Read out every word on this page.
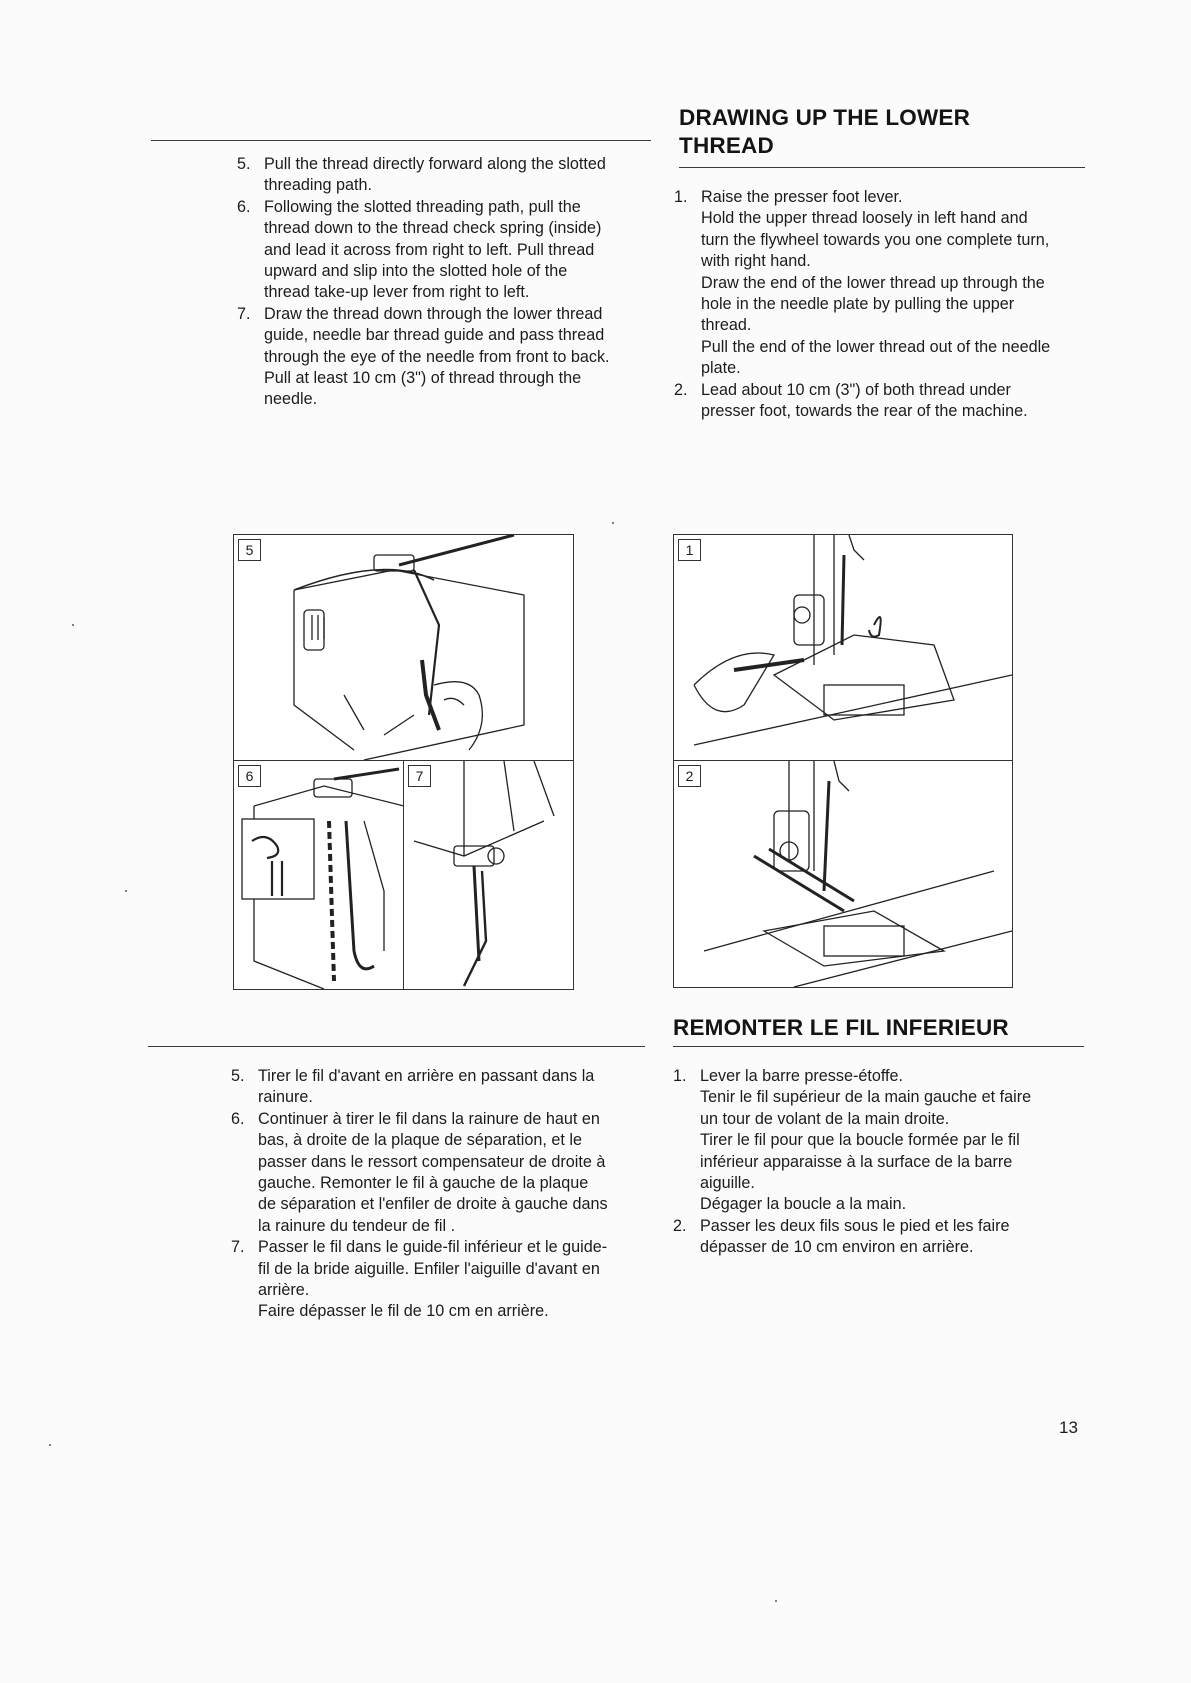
5. Pull the thread directly forward along the slotted
threading path.

6. Following the slotted threading path, pull the
thread down to the thread check spring (inside)
and lead it across from right to left. Pull thread
upward and slip into the slotted hole of the
thread take-up lever from right to left.

7. Draw the thread down through the lower thread
guide, needle bar thread guide and pass thread
through the eye of the needle from front to back.
Pull at least 10 cm (3") of thread through the
needle.

DRAWING UP THE LOWER
THREAD
1. Raise the presser foot lever.
Hold the upper thread loosely in left hand and
turn the flywheel towards you one complete turn,
with right hand.
Draw the end of the lower thread up through the
hole in the needle plate by pulling the upper
thread.
Pull the end of the lower thread out of the needle
plate.

2. Lead about 10 cm (3") of both thread under
presser foot, towards the rear of the machine.

5
6	7
1
2
5. Tirer le fil d'avant en arrière en passant dans la
rainure.

6. Continuer à tirer le fil dans la rainure de haut en
bas, à droite de la plaque de séparation, et le
passer dans le ressort compensateur de droite à
gauche. Remonter le fil à gauche de la plaque
de séparation et l'enfiler de droite à gauche dans
la rainure du tendeur de fil .

7. Passer le fil dans le guide-fil inférieur et le guide-
fil de la bride aiguille. Enfiler l'aiguille d'avant en
arrière.
Faire dépasser le fil de 10 cm en arrière.

REMONTER LE FIL INFERIEUR
1. Lever la barre presse-étoffe.
Tenir le fil supérieur de la main gauche et faire
un tour de volant de la main droite.
Tirer le fil pour que la boucle formée par le fil
inférieur apparaisse à la surface de la barre
aiguille.
Dégager la boucle a la main.

2. Passer les deux fils sous le pied et les faire
dépasser de 10 cm environ en arrière.

13
